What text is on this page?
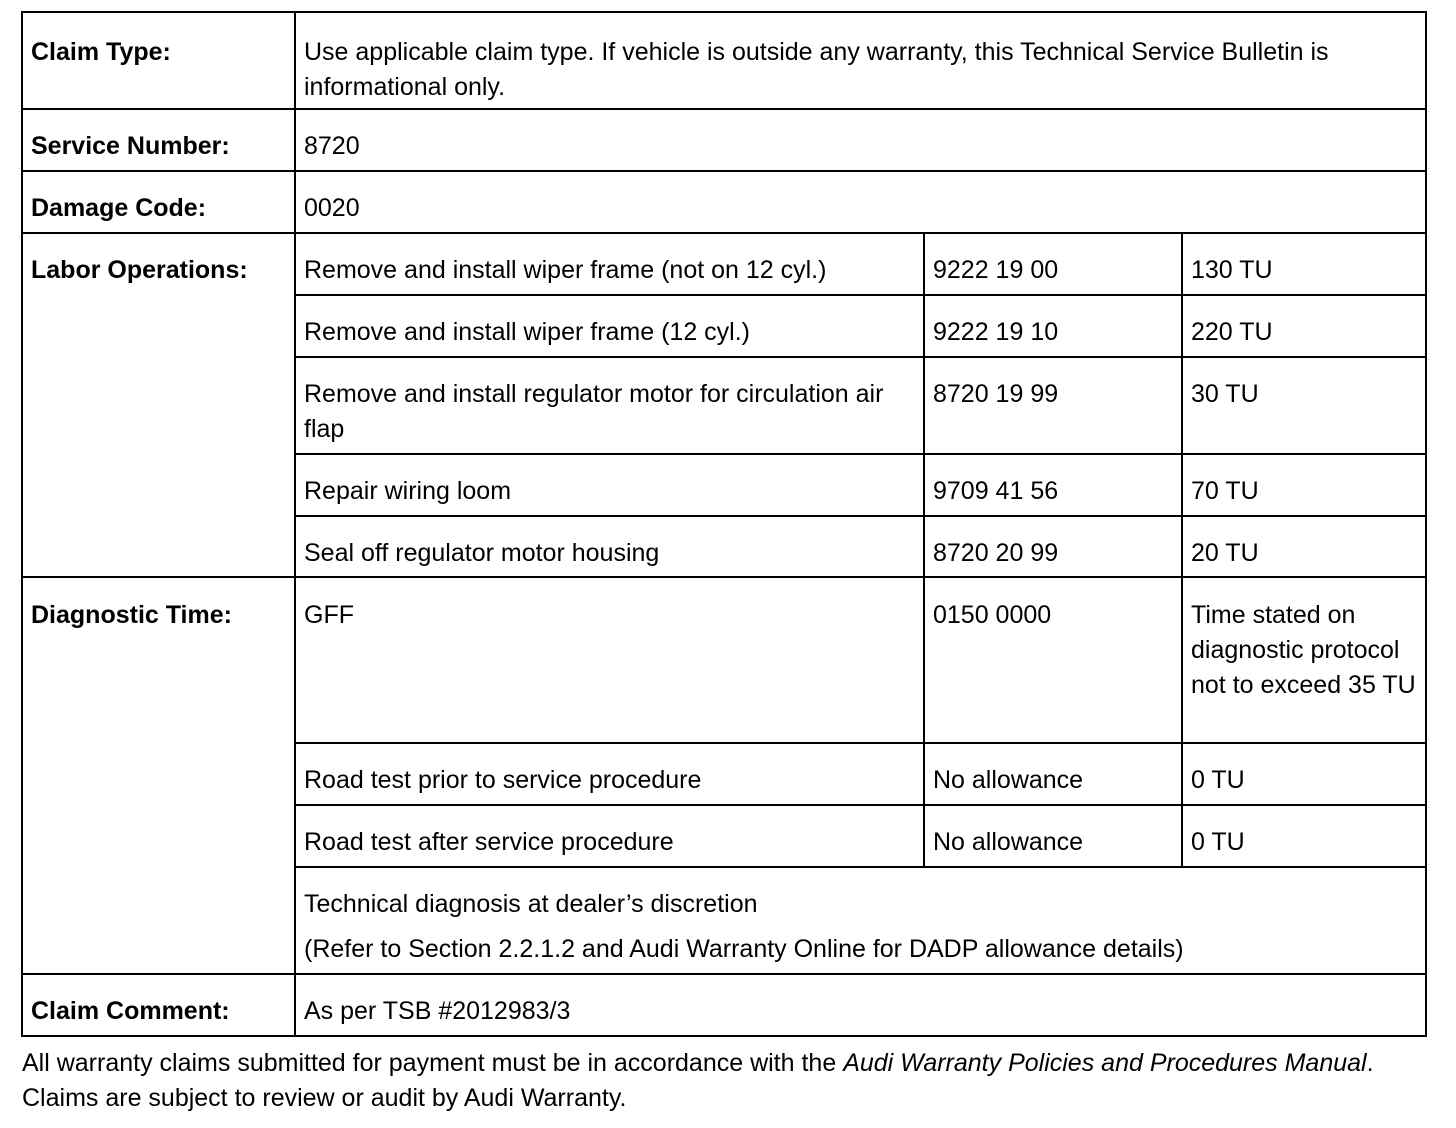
Claim Type:	Use applicable claim type. If vehicle is outside any warranty, this Technical Service Bulletin is informational only.		
Service Number:	8720		
Damage Code:	0020		
Labor Operations:	Remove and install wiper frame (not on 12 cyl.)	9222 19 00	130 TU
	Remove and install wiper frame (12 cyl.)	9222 19 10	220 TU
	Remove and install regulator motor for circulation air flap	8720 19 99	30 TU
	Repair wiring loom	9709 41 56	70 TU
	Seal off regulator motor housing	8720 20 99	20 TU
Diagnostic Time:	GFF	0150 0000	Time stated on diagnostic protocol not to exceed 35 TU
	Road test prior to service procedure	No allowance	0 TU
	Road test after service procedure	No allowance	0 TU

	Technical diagnosis at dealer’s discretion
(Refer to Section 2.2.1.2 and Audi Warranty Online for DADP allowance details)		

Claim Comment:	As per TSB #2012983/3		
All warranty claims submitted for payment must be in accordance with the Audi Warranty Policies and Procedures Manual. Claims are subject to review or audit by Audi Warranty.
